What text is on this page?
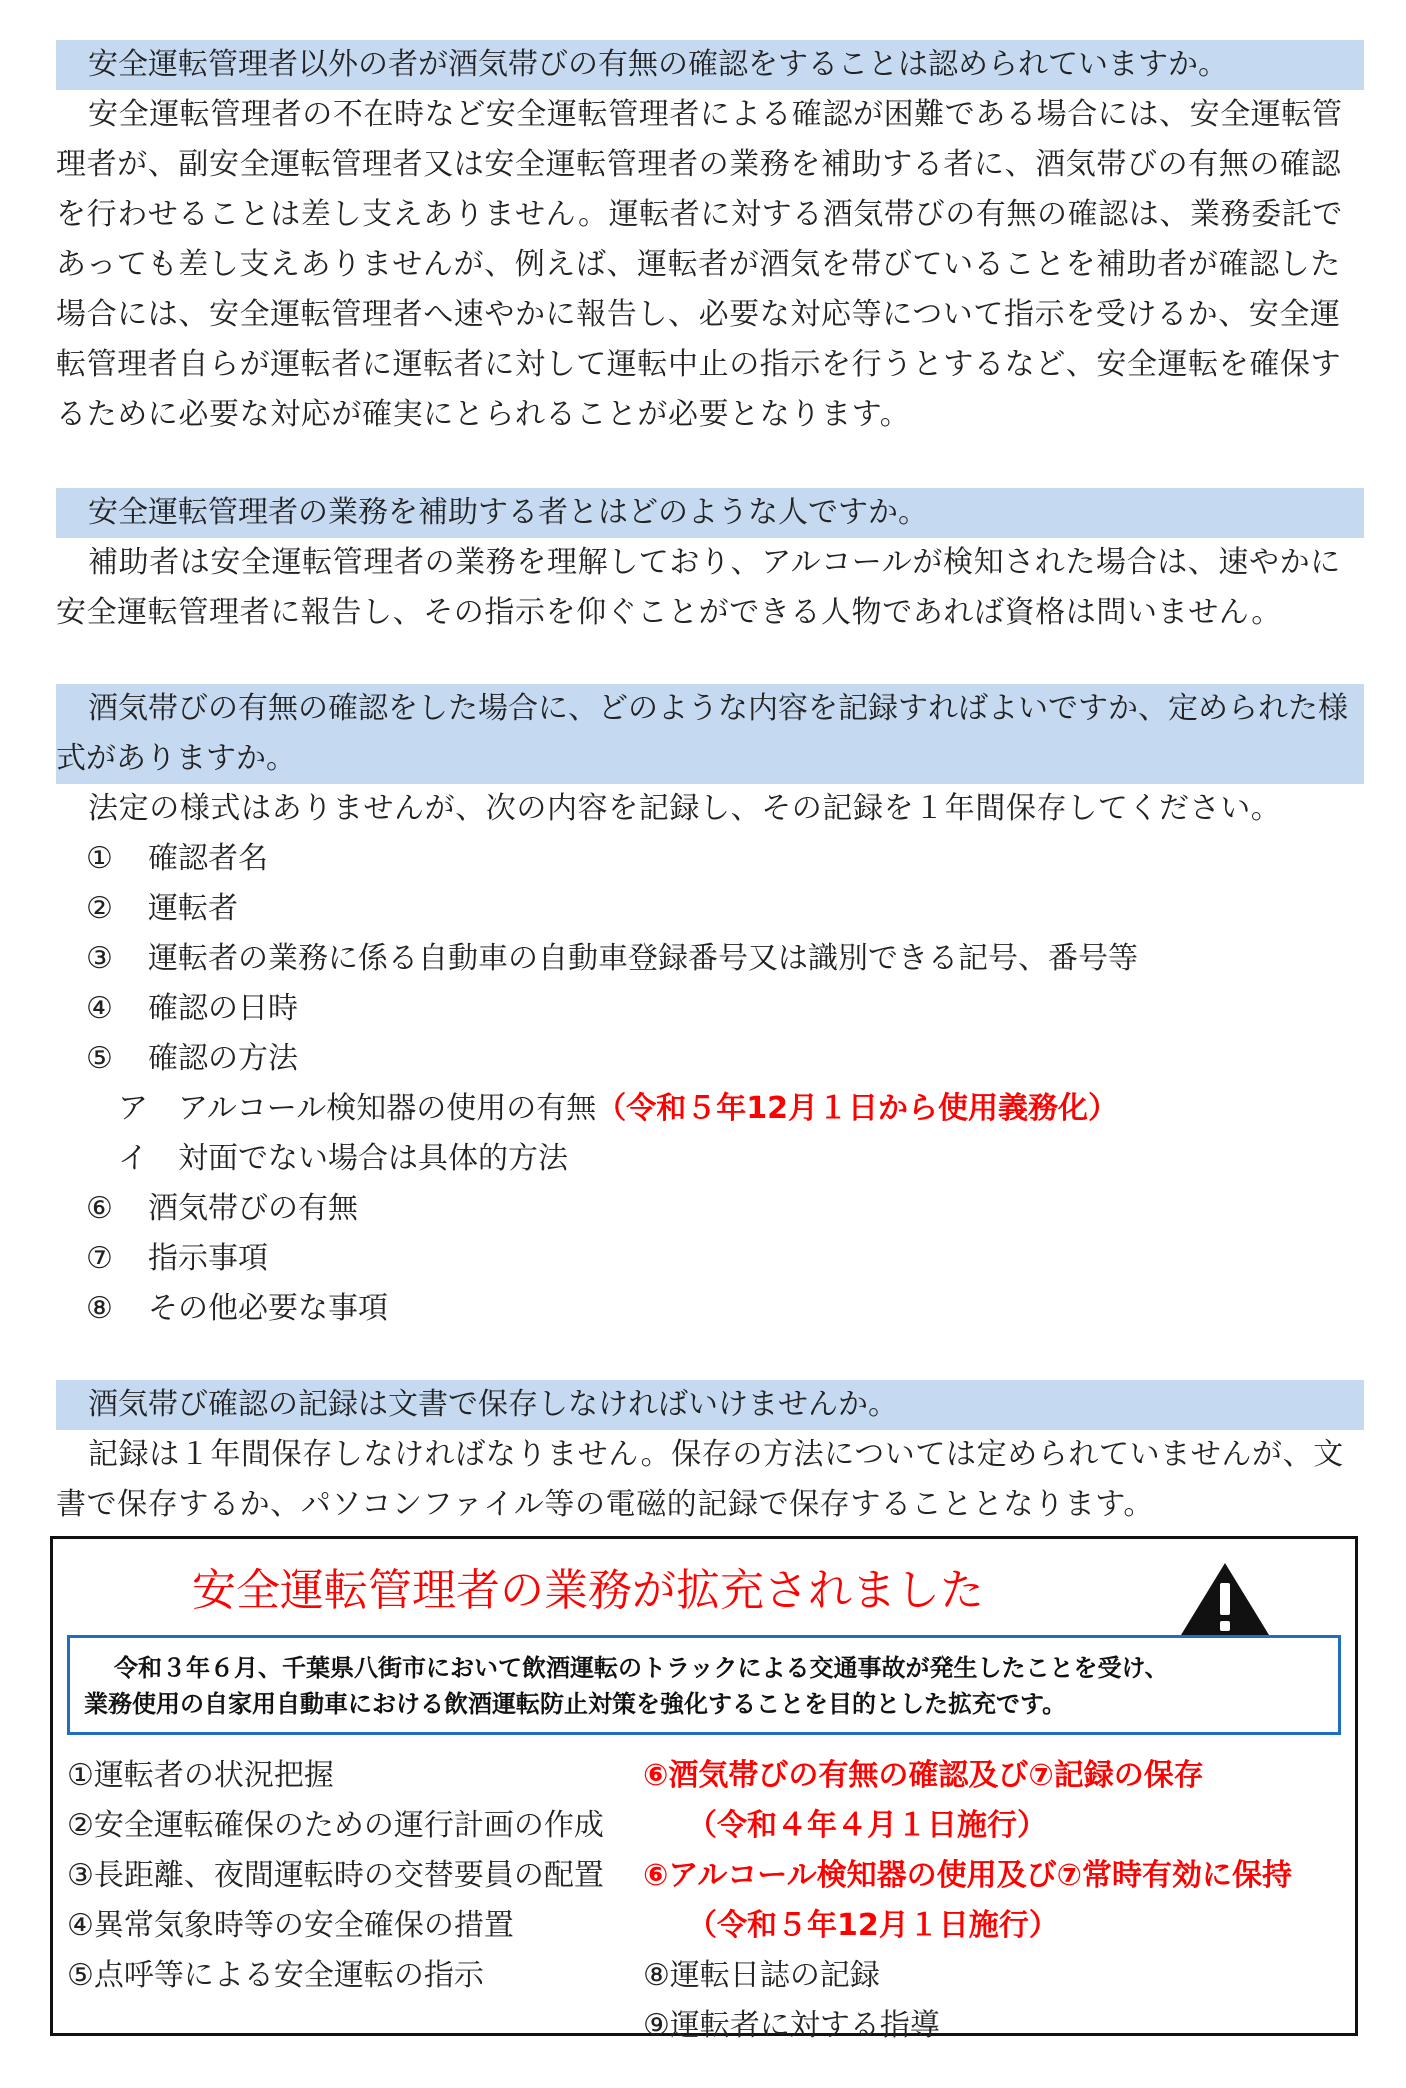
安全運転管理者以外の者が酒気帯びの有無の確認をすることは認められていますか。

安全運転管理者の不在時など安全運転管理者による確認が困難である場合には、安全運転管理者が、副安全運転管理者又は安全運転管理者の業務を補助する者に、酒気帯びの有無の確認を行わせることは差し支えありません。運転者に対する酒気帯びの有無の確認は、業務委託であっても差し支えありませんが、例えば、運転者が酒気を帯びていることを補助者が確認した場合には、安全運転管理者へ速やかに報告し、必要な対応等について指示を受けるか、安全運転管理者自らが運転者に運転者に対して運転中止の指示を行うとするなど、安全運転を確保するために必要な対応が確実にとられることが必要となります。

安全運転管理者の業務を補助する者とはどのような人ですか。

補助者は安全運転管理者の業務を理解しており、アルコールが検知された場合は、速やかに安全運転管理者に報告し、その指示を仰ぐことができる人物であれば資格は問いません。

酒気帯びの有無の確認をした場合に、どのような内容を記録すればよいですか、定められた様式がありますか。

法定の様式はありませんが、次の内容を記録し、その記録を１年間保存してください。

①	確認者名
②	運転者
③	運転者の業務に係る自動車の自動車登録番号又は識別できる記号、番号等
④	確認の日時
⑤	確認の方法
ア	アルコール検知器の使用の有無 （令和５年12月１日から使用義務化）
イ	対面でない場合は具体的方法
⑥	酒気帯びの有無
⑦	指示事項
⑧	その他必要な事項
酒気帯び確認の記録は文書で保存しなければいけませんか。

記録は１年間保存しなければなりません。保存の方法については定められていませんが、文書で保存するか、パソコンファイル等の電磁的記録で保存することとなります。

安全運転管理者の業務が拡充されました
令和３年６月、千葉県八街市において飲酒運転のトラックによる交通事故が発生したことを受け、
業務使用の自家用自動車における飲酒運転防止対策を強化することを目的とした拡充です。
①運転者の状況把握
②安全運転確保のための運行計画の作成
③長距離、夜間運転時の交替要員の配置
④異常気象時等の安全確保の措置
⑤点呼等による安全運転の指示
⑥酒気帯びの有無の確認及び⑦記録の保存
（令和４年４月１日施行）
⑥アルコール検知器の使用及び⑦常時有効に保持
（令和５年12月１日施行）
⑧運転日誌の記録
⑨運転者に対する指導
